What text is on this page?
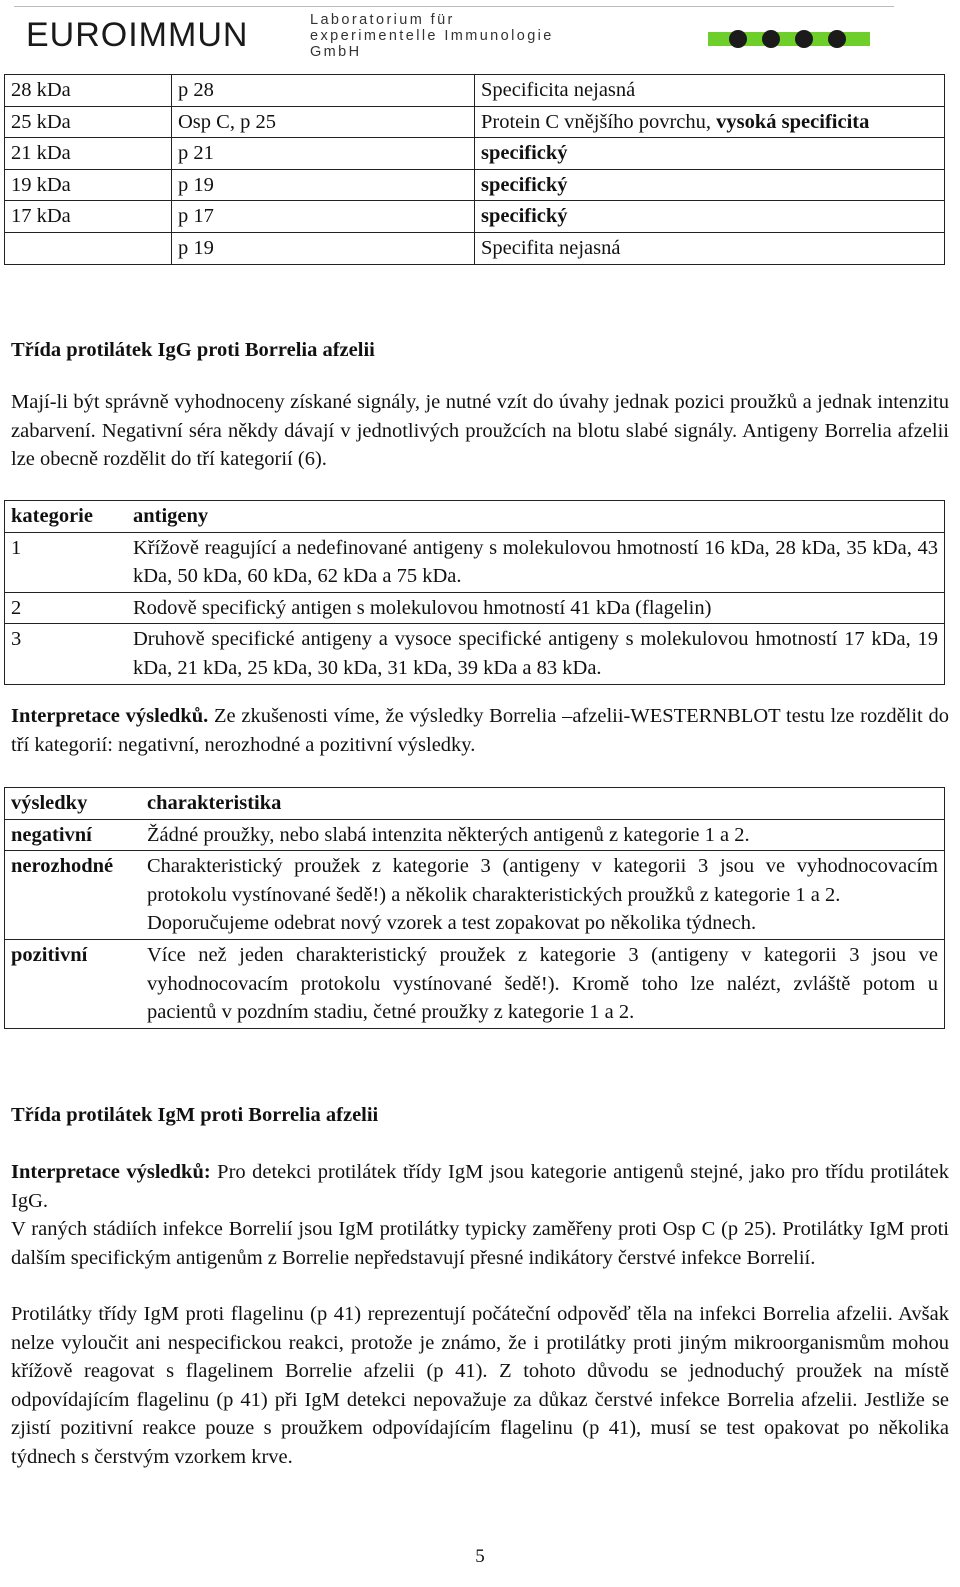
EUROIMMUN	Laboratorium für
experimentelle Immunologie
GmbH
28 kDa	p 28	Specificita nejasná
25 kDa	Osp C, p 25	Protein C vnějšího povrchu, vysoká specificita
21 kDa	p 21	specifický
19 kDa	p 19	specifický
17 kDa	p 17	specifický
	p 19	Specifita nejasná
Třída protilátek IgG proti Borrelia afzelii
Mají-li být správně vyhodnoceny získané signály, je nutné vzít do úvahy jednak pozici proužků a jednak intenzitu zabarvení. Negativní séra někdy dávají v jednotlivých proužcích na blotu slabé signály. Antigeny Borrelia afzelii lze obecně rozdělit do tří kategorií (6).
kategorie	antigeny
1	Křížově reagující a nedefinované antigeny s molekulovou hmotností 16 kDa, 28 kDa, 35 kDa, 43 kDa, 50 kDa, 60 kDa, 62 kDa a 75 kDa.
2	Rodově specifický antigen s molekulovou hmotností 41 kDa (flagelin)
3	Druhově specifické antigeny a vysoce specifické antigeny s molekulovou hmotností 17 kDa, 19 kDa, 21 kDa, 25 kDa, 30 kDa, 31 kDa, 39 kDa a 83 kDa.
Interpretace výsledků. Ze zkušenosti víme, že výsledky Borrelia –afzelii-WESTERNBLOT testu lze rozdělit do tří kategorií: negativní, nerozhodné a pozitivní výsledky.
výsledky	charakteristika
negativní	Žádné proužky, nebo slabá intenzita některých antigenů z kategorie 1 a 2.

nerozhodné	Charakteristický proužek z kategorie 3 (antigeny v kategorii 3 jsou ve vyhodnocovacím protokolu vystínované šedě!) a několik charakteristických proužků z kategorie 1 a 2.
Doporučujeme odebrat nový vzorek a test zopakovat po několika týdnech.

pozitivní	Více než jeden charakteristický proužek z kategorie 3 (antigeny v kategorii 3 jsou ve vyhodnocovacím protokolu vystínované šedě!). Kromě toho lze nalézt, zvláště potom u pacientů v pozdním stadiu, četné proužky z kategorie 1 a 2.
Třída protilátek IgM proti Borrelia afzelii
Interpretace výsledků: Pro detekci protilátek třídy IgM jsou kategorie antigenů stejné, jako pro třídu protilátek IgG.
V raných stádiích infekce Borrelií jsou IgM protilátky typicky zaměřeny proti Osp C (p 25). Protilátky IgM proti dalším specifickým antigenům z Borrelie nepředstavují přesné indikátory čerstvé infekce Borrelií.
Protilátky třídy IgM proti flagelinu (p 41) reprezentují počáteční odpověď těla na infekci Borrelia afzelii. Avšak nelze vyloučit ani nespecifickou reakci, protože je známo, že i protilátky proti jiným mikroorganismům mohou křížově reagovat s flagelinem Borrelie afzelii (p 41). Z tohoto důvodu se jednoduchý proužek na místě odpovídajícím flagelinu (p 41) při IgM detekci nepovažuje za důkaz čerstvé infekce Borrelia afzelii. Jestliže se zjistí pozitivní reakce pouze s proužkem odpovídajícím flagelinu (p 41), musí se test opakovat po několika týdnech s čerstvým vzorkem krve.
5
